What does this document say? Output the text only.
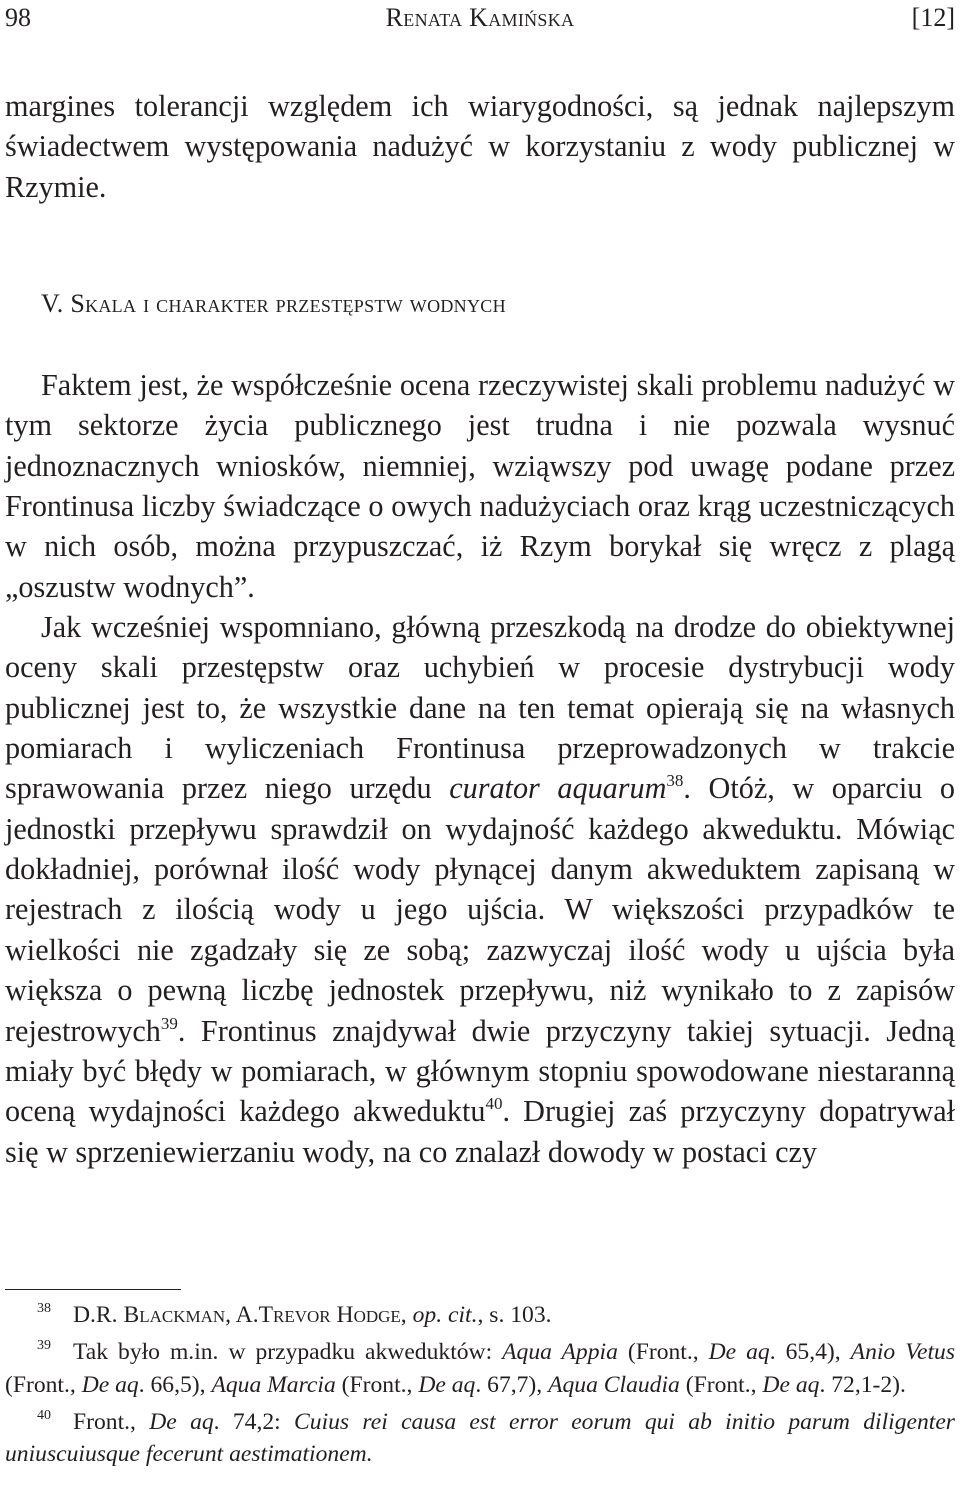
98	Renata Kamińska	[12]

margines tolerancji względem ich wiarygodności, są jednak najlepszym świadectwem występowania nadużyć w korzystaniu z wody publicznej w Rzymie.

V. Skala i charakter przestępstw wodnych

Faktem jest, że współcześnie ocena rzeczywistej skali problemu nadużyć w tym sektorze życia publicznego jest trudna i nie pozwala wysnuć jednoznacznych wniosków, niemniej, wziąwszy pod uwagę podane przez Frontinusa liczby świadczące o owych nadużyciach oraz krąg uczestniczących w nich osób, można przypuszczać, iż Rzym borykał się wręcz z plagą „oszustw wodnych”.

Jak wcześniej wspomniano, główną przeszkodą na drodze do obiektywnej oceny skali przestępstw oraz uchybień w procesie dystrybucji wody publicznej jest to, że wszystkie dane na ten temat opierają się na własnych pomiarach i wyliczeniach Frontinusa przeprowadzonych w trakcie sprawowania przez niego urzędu curator aquarum$^{38}$. Otóż, w oparciu o jednostki przepływu sprawdził on wydajność każdego akweduktu. Mówiąc dokładniej, porównał ilość wody płynącej danym akweduktem zapisaną w rejestrach z ilością wody u jego ujścia. W większości przypadków te wielkości nie zgadzały się ze sobą; zazwyczaj ilość wody u ujścia była większa o pewną liczbę jednostek przepływu, niż wynikało to z zapisów rejestrowych$^{39}$. Frontinus znajdywał dwie przyczyny takiej sytuacji. Jedną miały być błędy w pomiarach, w głównym stopniu spowodowane niestaranną oceną wydajności każdego akweduktu$^{40}$. Drugiej zaś przyczyny dopatrywał się w sprzeniewierzaniu wody, na co znalazł dowody w postaci czy

38 D.R. Blackman, A.Trevor Hodge, op. cit., s. 103.

39 Tak było m.in. w przypadku akweduktów: Aqua Appia (Front., De aq. 65,4), Anio Vetus (Front., De aq. 66,5), Aqua Marcia (Front., De aq. 67,7), Aqua Claudia (Front., De aq. 72,1-2).

40 Front., De aq. 74,2: Cuius rei causa est error eorum qui ab initio parum diligenter uniuscuiusque fecerunt aestimationem.
